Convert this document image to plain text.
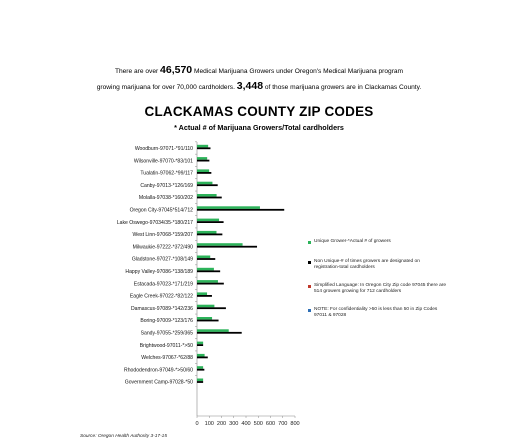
There are over 46,570 Medical Marijuana Growers under Oregon's Medical Marijuana program
growing marijuana for over 70,000 cardholders. 3,448 of those marijuana growers are in Clackamas County.
CLACKAMAS COUNTY ZIP CODES
* Actual # of Marijuana Growers/Total cardholders
0 100 200 300 400 500 600 700 800
Woodburn-97071-*91/110
Wilsonville-97070-*83/101
Tualatin-97062-*99/117
Canby-97013-*126/169
Molalla-97038-*160/202
Oregon City-97045*514/712
Lake Oswego-97034/35-*180/217
West Linn-97068-*159/207
Milwaukie-97222-*372/490
Gladstone-97027-*108/149
Happy Valley-97086-*138/189
Estacada-97023-*171/219
Eagle Creek-97022-*82/122
Damascus-97089-*142/236
Boring-97009-*123/176
Sandy-97055-*259/365
Brightwood-97011-*>50
Welches-97067-*62/88
Rhododendron-97049-*>50/60
Government Camp-97028-*50
Unique Grower-*Actual # of growers
Non Unique-# of times growers are designated on registration-total cardholders
Simplified Language: In Oregon City Zip code 97045 there are 514 growers growing for 712 cardholders
NOTE: For confidentiality >50 is less than 50 in Zip Codes 97011 & 97028
Source: Oregon Health Authority 3-17-15
